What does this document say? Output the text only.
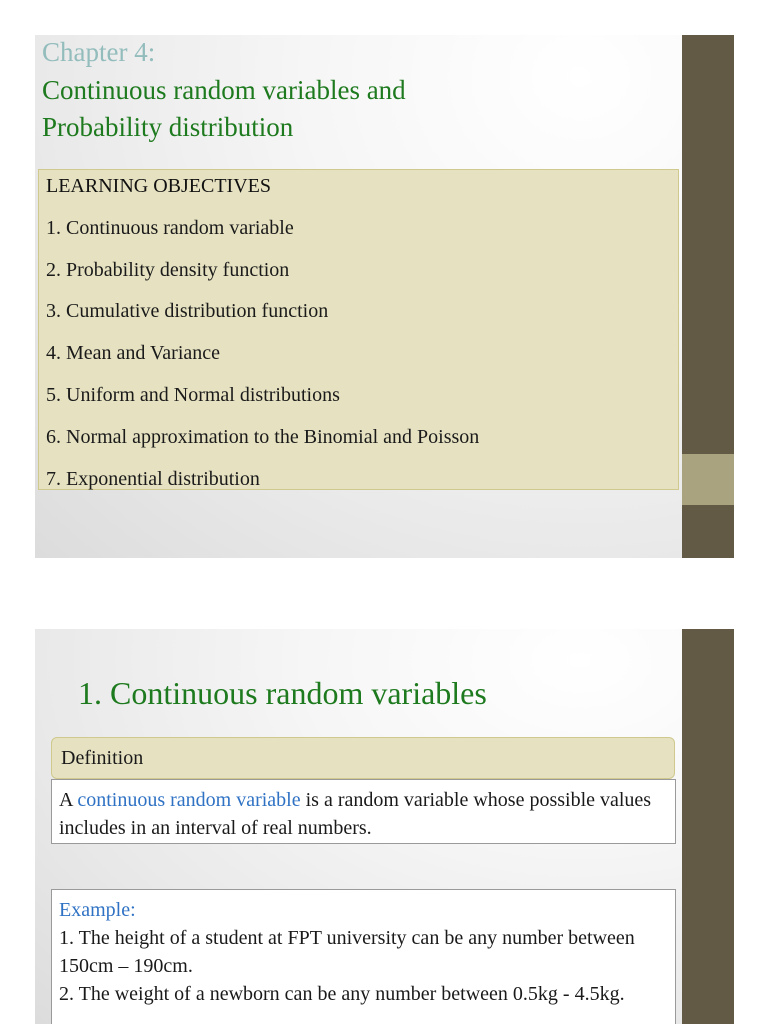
Chapter 4:
Continuous random variables and
Probability distribution
LEARNING OBJECTIVES
1. Continuous random variable
2. Probability density function
3. Cumulative distribution function
4. Mean and Variance
5. Uniform and Normal distributions
6. Normal approximation to the Binomial and Poisson
7. Exponential distribution
1. Continuous random variables
Definition
A continuous random variable is a random variable whose possible values includes in an interval of real numbers.
Example:
1. The height of a student at FPT university can be any number between 150cm – 190cm.
2. The weight of a newborn can be any number between 0.5kg - 4.5kg.
